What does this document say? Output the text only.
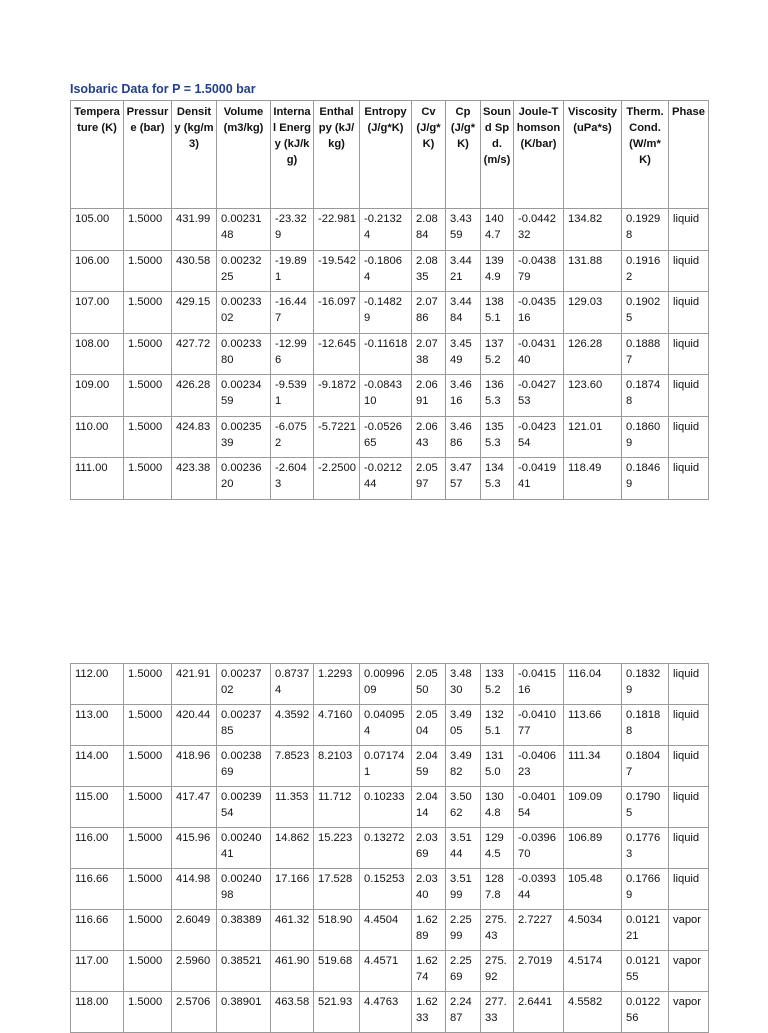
Isobaric Data for P = 1.5000 bar
Temperature (K)	Pressure (bar)	Density (kg/m3)	Volume (m3/kg)	Internal Energy (kJ/kg)	Enthalpy (kJ/kg)	Entropy (J/g*K)	Cv (J/g*K)	Cp (J/g*K)	Sound Spd. (m/s)	Joule-Thomson (K/bar)	Viscosity (uPa*s)	Therm. Cond. (W/m*K)	Phase
105.00	1.5000	431.99	0.0023148	-23.329	-22.981	-0.21324	2.0884	3.4359	1404.7	-0.044232	134.82	0.19298	liquid
106.00	1.5000	430.58	0.0023225	-19.891	-19.542	-0.18064	2.0835	3.4421	1394.9	-0.043879	131.88	0.19162	liquid
107.00	1.5000	429.15	0.0023302	-16.447	-16.097	-0.14829	2.0786	3.4484	1385.1	-0.043516	129.03	0.19025	liquid
108.00	1.5000	427.72	0.0023380	-12.996	-12.645	-0.11618	2.0738	3.4549	1375.2	-0.043140	126.28	0.18887	liquid
109.00	1.5000	426.28	0.0023459	-9.5391	-9.1872	-0.084310	2.0691	3.4616	1365.3	-0.042753	123.60	0.18748	liquid
110.00	1.5000	424.83	0.0023539	-6.0752	-5.7221	-0.052665	2.0643	3.4686	1355.3	-0.042354	121.01	0.18609	liquid
111.00	1.5000	423.38	0.0023620	-2.6043	-2.2500	-0.021244	2.0597	3.4757	1345.3	-0.041941	118.49	0.18469	liquid
112.00	1.5000	421.91	0.0023702	0.87374	1.2293	0.0099609	2.0550	3.4830	1335.2	-0.041516	116.04	0.18329	liquid
113.00	1.5000	420.44	0.0023785	4.3592	4.7160	0.040954	2.0504	3.4905	1325.1	-0.041077	113.66	0.18188	liquid
114.00	1.5000	418.96	0.0023869	7.8523	8.2103	0.071741	2.0459	3.4982	1315.0	-0.040623	111.34	0.18047	liquid
115.00	1.5000	417.47	0.0023954	11.353	11.712	0.10233	2.0414	3.5062	1304.8	-0.040154	109.09	0.17905	liquid
116.00	1.5000	415.96	0.0024041	14.862	15.223	0.13272	2.0369	3.5144	1294.5	-0.039670	106.89	0.17763	liquid
116.66	1.5000	414.98	0.0024098	17.166	17.528	0.15253	2.0340	3.5199	1287.8	-0.039344	105.48	0.17669	liquid
116.66	1.5000	2.6049	0.38389	461.32	518.90	4.4504	1.6289	2.2599	275.43	2.7227	4.5034	0.012121	vapor
117.00	1.5000	2.5960	0.38521	461.90	519.68	4.4571	1.6274	2.2569	275.92	2.7019	4.5174	0.012155	vapor
118.00	1.5000	2.5706	0.38901	463.58	521.93	4.4763	1.6233	2.2487	277.33	2.6441	4.5582	0.012256	vapor
